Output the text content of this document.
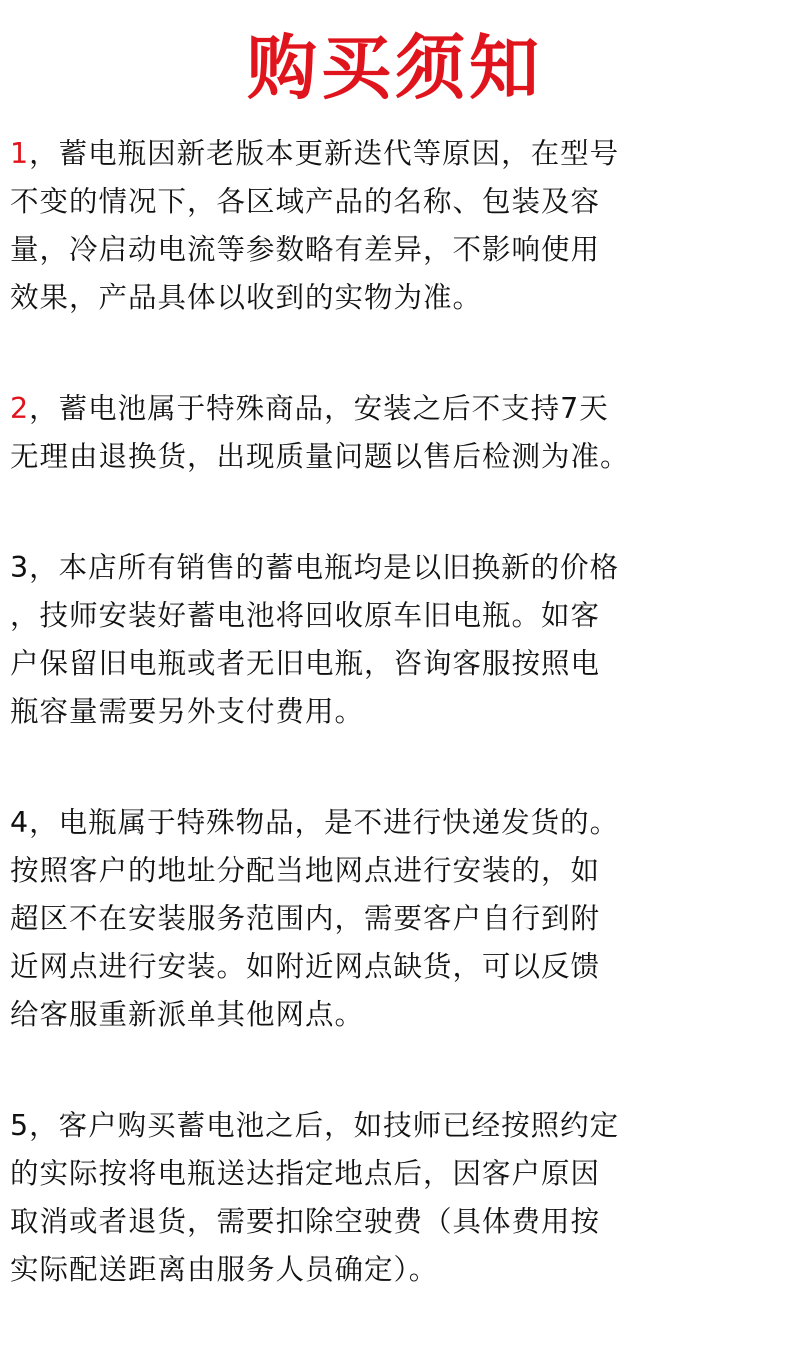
购买须知
1，蓄电瓶因新老版本更新迭代等原因，在型号
不变的情况下，各区域产品的名称、包装及容
量，冷启动电流等参数略有差异，不影响使用
效果，产品具体以收到的实物为准。
2，蓄电池属于特殊商品，安装之后不支持7天
无理由退换货，出现质量问题以售后检测为准。
3，本店所有销售的蓄电瓶均是以旧换新的价格
，技师安装好蓄电池将回收原车旧电瓶。如客
户保留旧电瓶或者无旧电瓶，咨询客服按照电
瓶容量需要另外支付费用。
4，电瓶属于特殊物品，是不进行快递发货的。
按照客户的地址分配当地网点进行安装的，如
超区不在安装服务范围内，需要客户自行到附
近网点进行安装。如附近网点缺货，可以反馈
给客服重新派单其他网点。
5，客户购买蓄电池之后，如技师已经按照约定
的实际按将电瓶送达指定地点后，因客户原因
取消或者退货，需要扣除空驶费（具体费用按
实际配送距离由服务人员确定）。
